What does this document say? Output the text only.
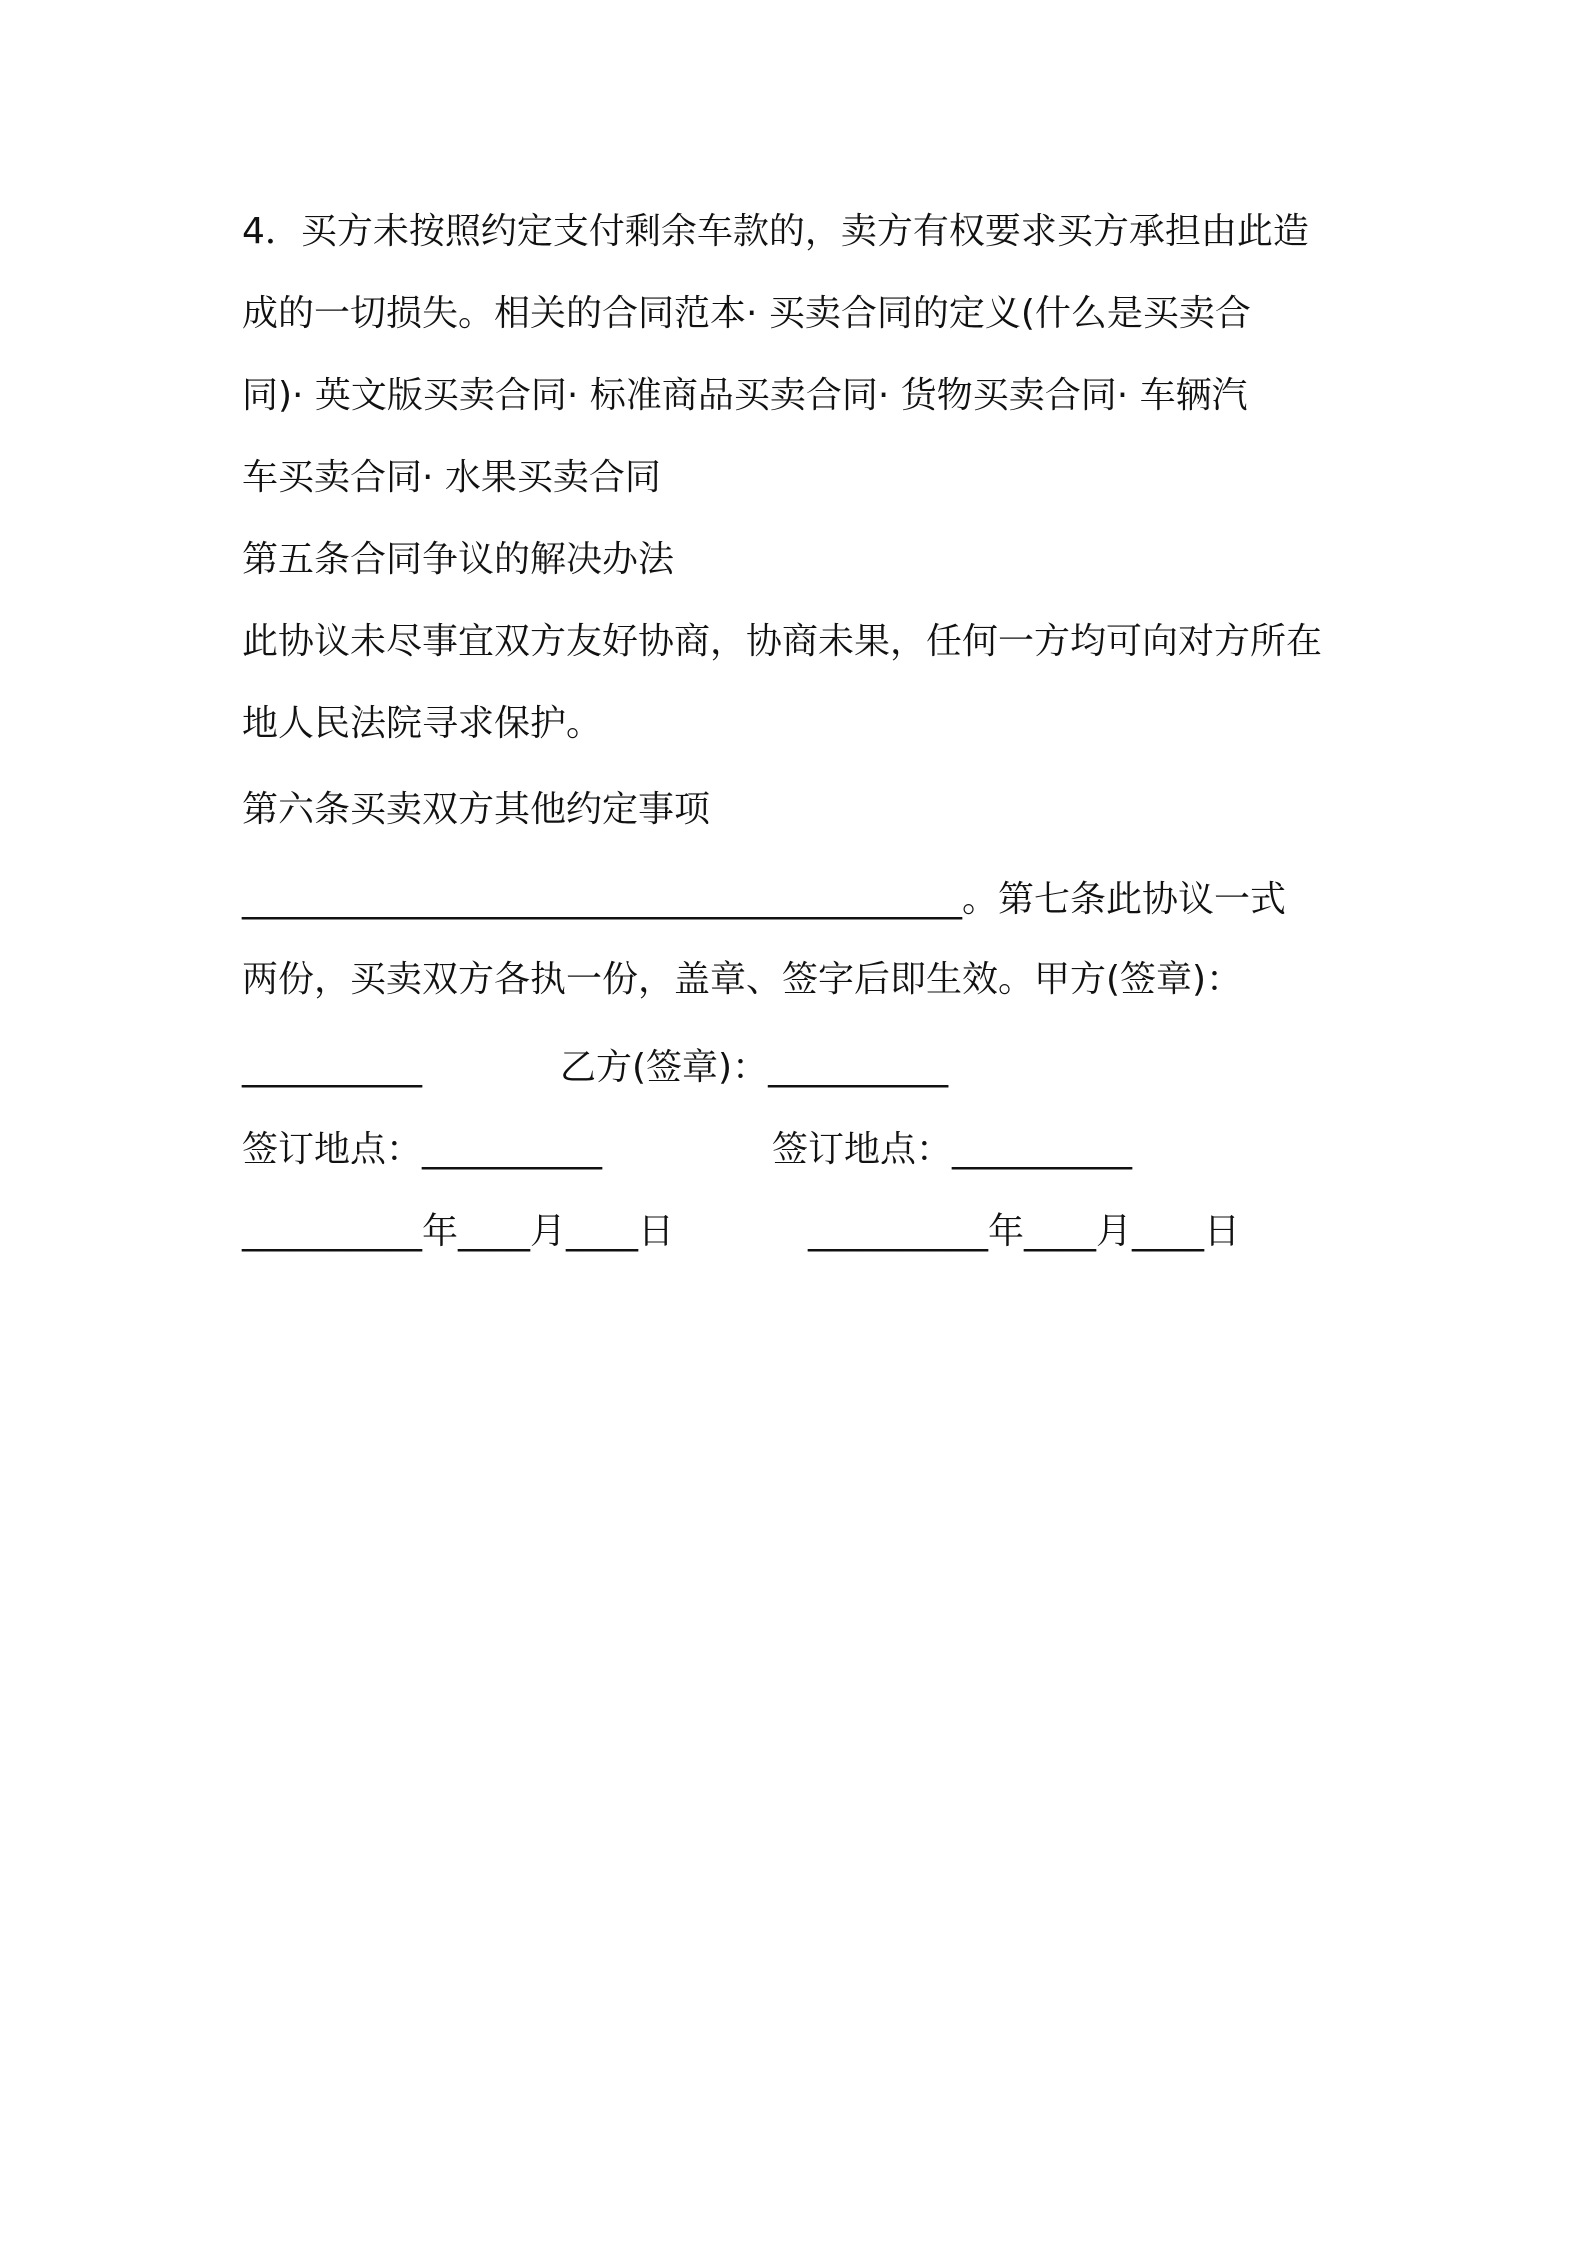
4．买方未按照约定支付剩余车款的，卖方有权要求买方承担由此造
成的一切损失。相关的合同范本· 买卖合同的定义(什么是买卖合
同)· 英文版买卖合同· 标准商品买卖合同· 货物买卖合同· 车辆汽
车买卖合同· 水果买卖合同
第五条合同争议的解决办法
此协议未尽事宜双方友好协商，协商未果，任何一方均可向对方所在
地人民法院寻求保护。
第六条买卖双方其他约定事项
________________________________________。第七条此协议一式
两份，买卖双方各执一份，盖章、签字后即生效。甲方(签章)：
__________	乙方(签章)：__________
签订地点：__________	签订地点：__________
__________年____月____日	__________年____月____日
